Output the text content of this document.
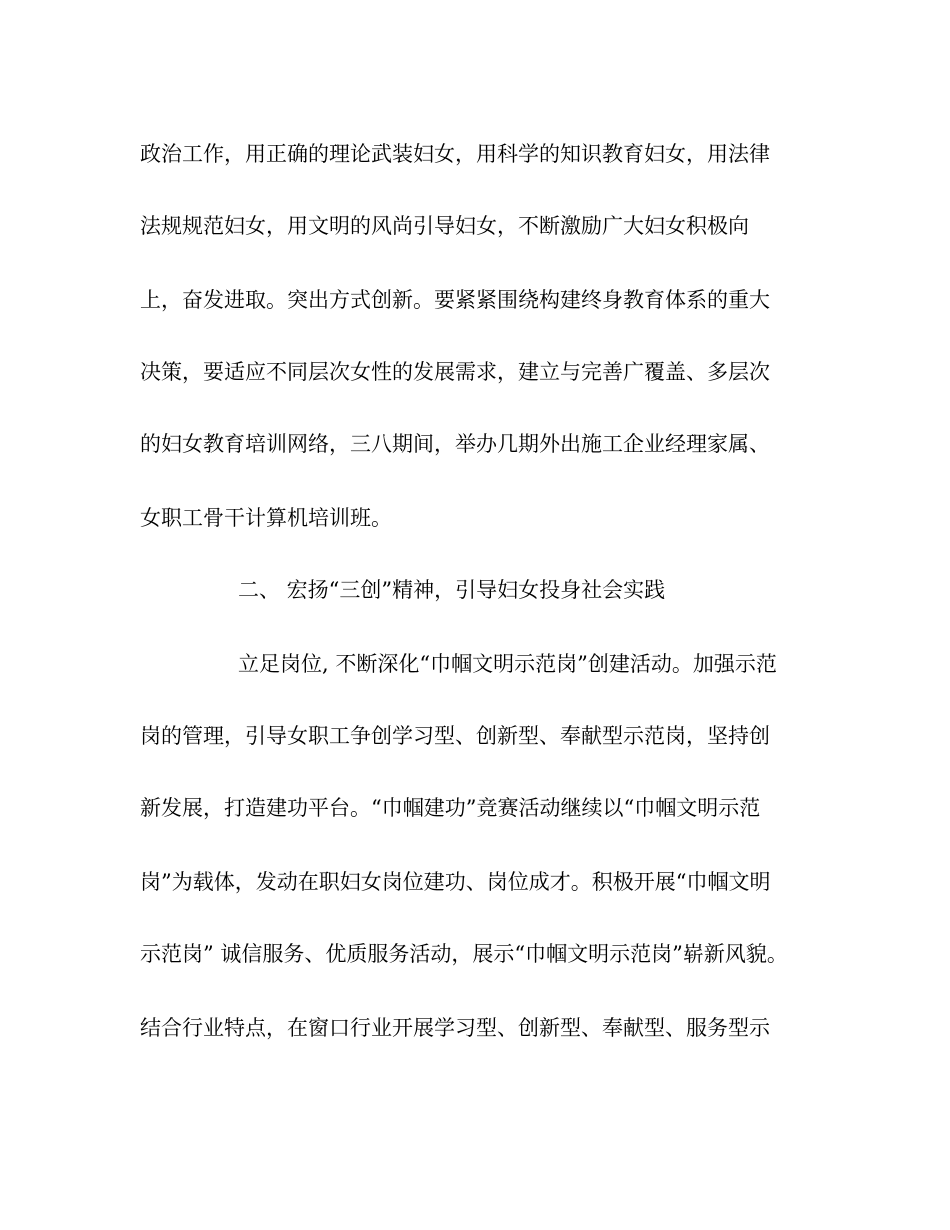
政治工作，用正确的理论武装妇女，用科学的知识教育妇女，用法律
法规规范妇女，用文明的风尚引导妇女，不断激励广大妇女积极向
上，奋发进取。突出方式创新。要紧紧围绕构建终身教育体系的重大
决策，要适应不同层次女性的发展需求，建立与完善广覆盖、多层次
的妇女教育培训网络，三八期间，举办几期外出施工企业经理家属、
女职工骨干计算机培训班。
二、 宏扬“三创”精神，引导妇女投身社会实践
立足岗位, 不断深化“巾帼文明示范岗”创建活动。加强示范
岗的管理，引导女职工争创学习型、创新型、奉献型示范岗，坚持创
新发展，打造建功平台。“巾帼建功”竞赛活动继续以“巾帼文明示范
岗”为载体，发动在职妇女岗位建功、岗位成才。积极开展“巾帼文明
示范岗” 诚信服务、优质服务活动，展示“巾帼文明示范岗”崭新风貌。
结合行业特点，在窗口行业开展学习型、创新型、奉献型、服务型示
